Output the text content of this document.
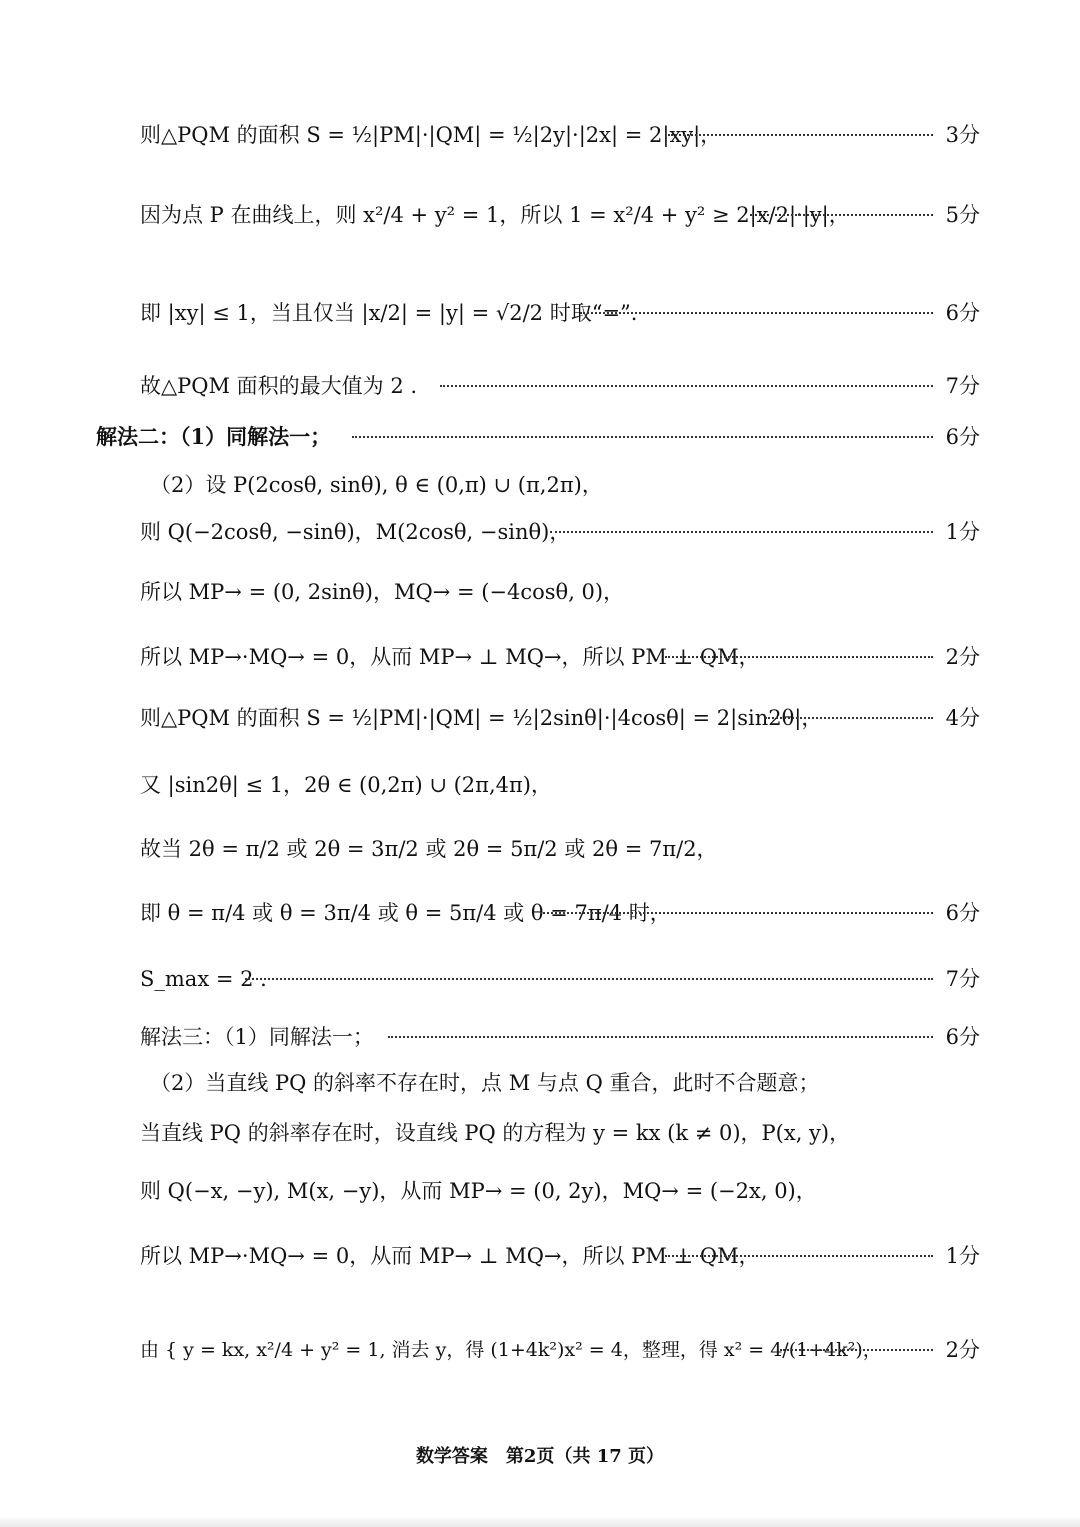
则△PQM 的面积 S = ½|PM|·|QM| = ½|2y|·|2x| = 2|xy|，	3分
因为点 P 在曲线上，则 x²/4 + y² = 1，所以 1 = x²/4 + y² ≥ 2|x/2|·|y|，	5分
即 |xy| ≤ 1，当且仅当 |x/2| = |y| = √2/2 时取“=”.	6分
故△PQM 面积的最大值为 2 .	7分
解法二：（1）同解法一；	6分
（2）设 P(2cosθ, sinθ), θ ∈ (0,π) ∪ (π,2π)，
则 Q(−2cosθ, −sinθ)，M(2cosθ, −sinθ)，	1分
所以 MP→ = (0, 2sinθ)，MQ→ = (−4cosθ, 0)，
所以 MP→·MQ→ = 0，从而 MP→ ⊥ MQ→，所以 PM ⊥ QM，	2分
则△PQM 的面积 S = ½|PM|·|QM| = ½|2sinθ|·|4cosθ| = 2|sin2θ|，	4分
又 |sin2θ| ≤ 1，2θ ∈ (0,2π) ∪ (2π,4π)，
故当 2θ = π/2 或 2θ = 3π/2 或 2θ = 5π/2 或 2θ = 7π/2，
即 θ = π/4 或 θ = 3π/4 或 θ = 5π/4 或 θ = 7π/4 时，	6分
S_max = 2 .	7分
解法三：（1）同解法一；	6分
（2）当直线 PQ 的斜率不存在时，点 M 与点 Q 重合，此时不合题意；
当直线 PQ 的斜率存在时，设直线 PQ 的方程为 y = kx (k ≠ 0)，P(x, y)，
则 Q(−x, −y), M(x, −y)，从而 MP→ = (0, 2y)，MQ→ = (−2x, 0)，
所以 MP→·MQ→ = 0，从而 MP→ ⊥ MQ→，所以 PM ⊥ QM，	1分
由 { y = kx, x²/4 + y² = 1, 消去 y，得 (1+4k²)x² = 4，整理，得 x² = 4/(1+4k²)，	2分
数学答案　第2页（共 17 页）
